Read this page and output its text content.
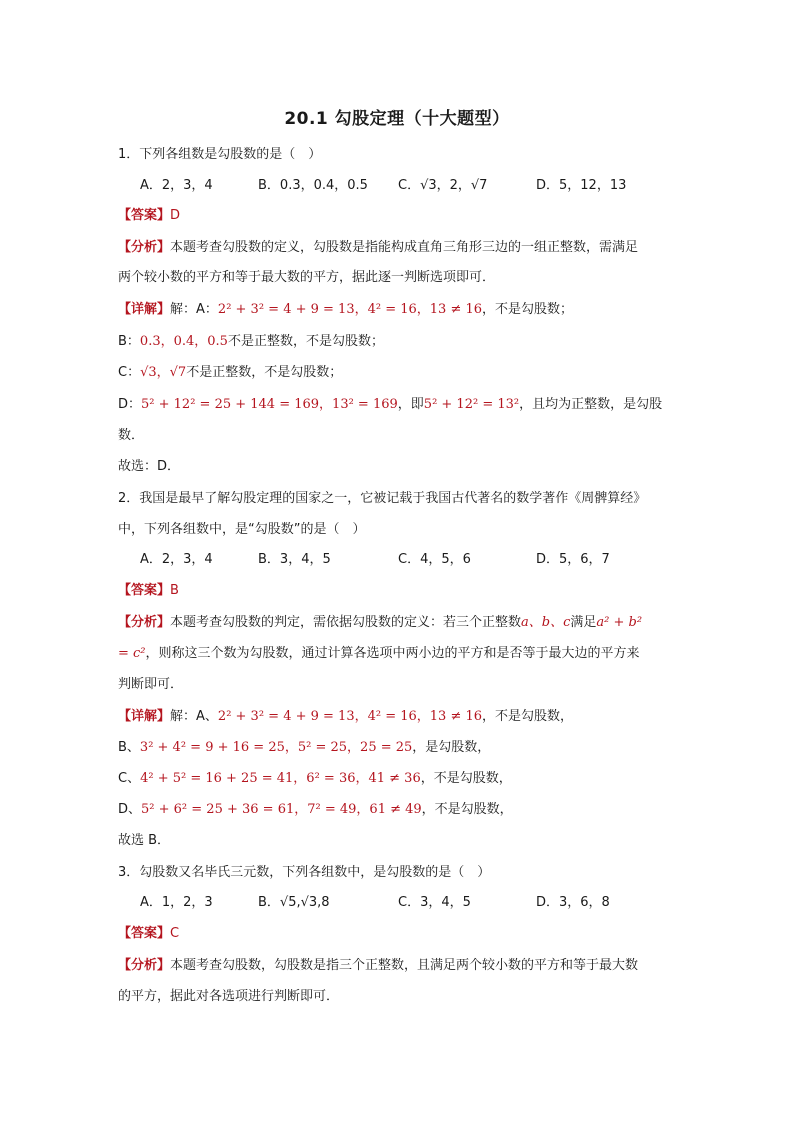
20.1 勾股定理（十大题型）
1．下列各组数是勾股数的是（　）
A．2，3，4	B．0.3，0.4，0.5 C．√3，2，√7	D．5，12，13
【答案】D
【分析】本题考查勾股数的定义，勾股数是指能构成直角三角形三边的一组正整数，需满足
两个较小数的平方和等于最大数的平方，据此逐一判断选项即可．
【详解】解：A：2² + 3² = 4 + 9 = 13，4² = 16，13 ≠ 16，不是勾股数；
B：0.3，0.4，0.5不是正整数，不是勾股数；
C：√3，√7不是正整数，不是勾股数；
D：5² + 12² = 25 + 144 = 169，13² = 169，即5² + 12² = 13²，且均为正整数，是勾股
数．
故选：D．
2．我国是最早了解勾股定理的国家之一，它被记载于我国古代著名的数学著作《周髀算经》
中，下列各组数中，是“勾股数”的是（　）
A．2，3，4	B．3，4，5	C．4，5，6	D．5，6，7
【答案】B
【分析】本题考查勾股数的判定，需依据勾股数的定义：若三个正整数a、b、c满足a² + b²
= c²，则称这三个数为勾股数，通过计算各选项中两小边的平方和是否等于最大边的平方来
判断即可．
【详解】解：A、2² + 3² = 4 + 9 = 13，4² = 16，13 ≠ 16，不是勾股数，
B、3² + 4² = 9 + 16 = 25，5² = 25，25 = 25，是勾股数，
C、4² + 5² = 16 + 25 = 41，6² = 36，41 ≠ 36，不是勾股数，
D、5² + 6² = 25 + 36 = 61，7² = 49，61 ≠ 49，不是勾股数，
故选 B．
3．勾股数又名毕氏三元数，下列各组数中，是勾股数的是（　）
A．1，2，3	B．√5,√3,8	C．3，4，5	D．3，6，8
【答案】C
【分析】本题考查勾股数，勾股数是指三个正整数，且满足两个较小数的平方和等于最大数
的平方，据此对各选项进行判断即可．
